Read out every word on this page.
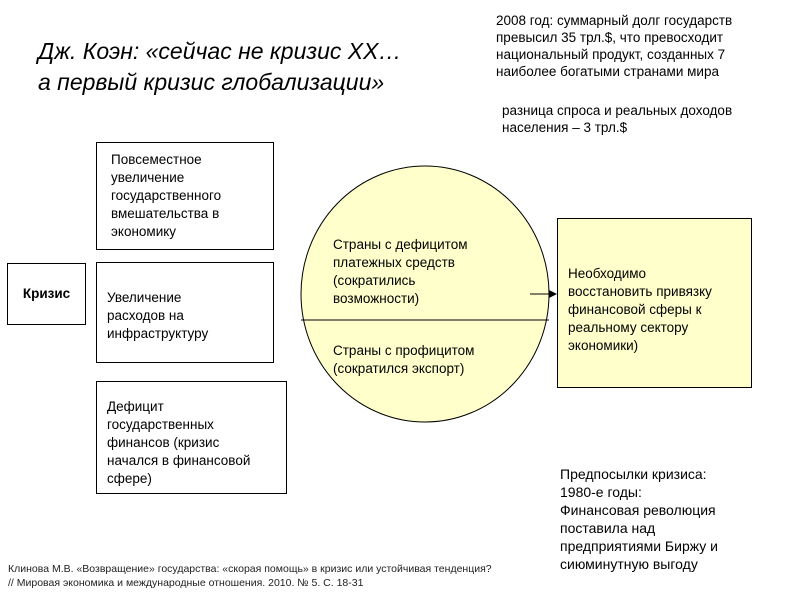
Дж. Коэн: «сейчас не кризис XX…
а первый кризис глобализации»
2008 год: суммарный долг государств
превысил 35 трл.$, что превосходит
национальный продукт, созданных 7
наиболее богатыми странами мира
разница спроса и реальных доходов
населения – 3 трл.$
Кризис
Повсеместное
увеличение
государственного
вмешательства в
экономику
Увеличение
расходов на
инфраструктуру
Дефицит
государственных
финансов (кризис
начался в финансовой
сфере)
Страны с дефицитом
платежных средств
(сократились
возможности)
Страны с профицитом
(сократился экспорт)
Необходимо
восстановить привязку
финансовой сферы к
реальному сектору
экономики)
Предпосылки кризиса:
1980-е годы:
Финансовая революция
поставила над
предприятиями Биржу и
сиюминутную выгоду
Клинова М.В. «Возвращение» государства: «скорая помощь» в кризис или устойчивая тенденция?
// Мировая экономика и международные отношения. 2010. № 5. С. 18-31
